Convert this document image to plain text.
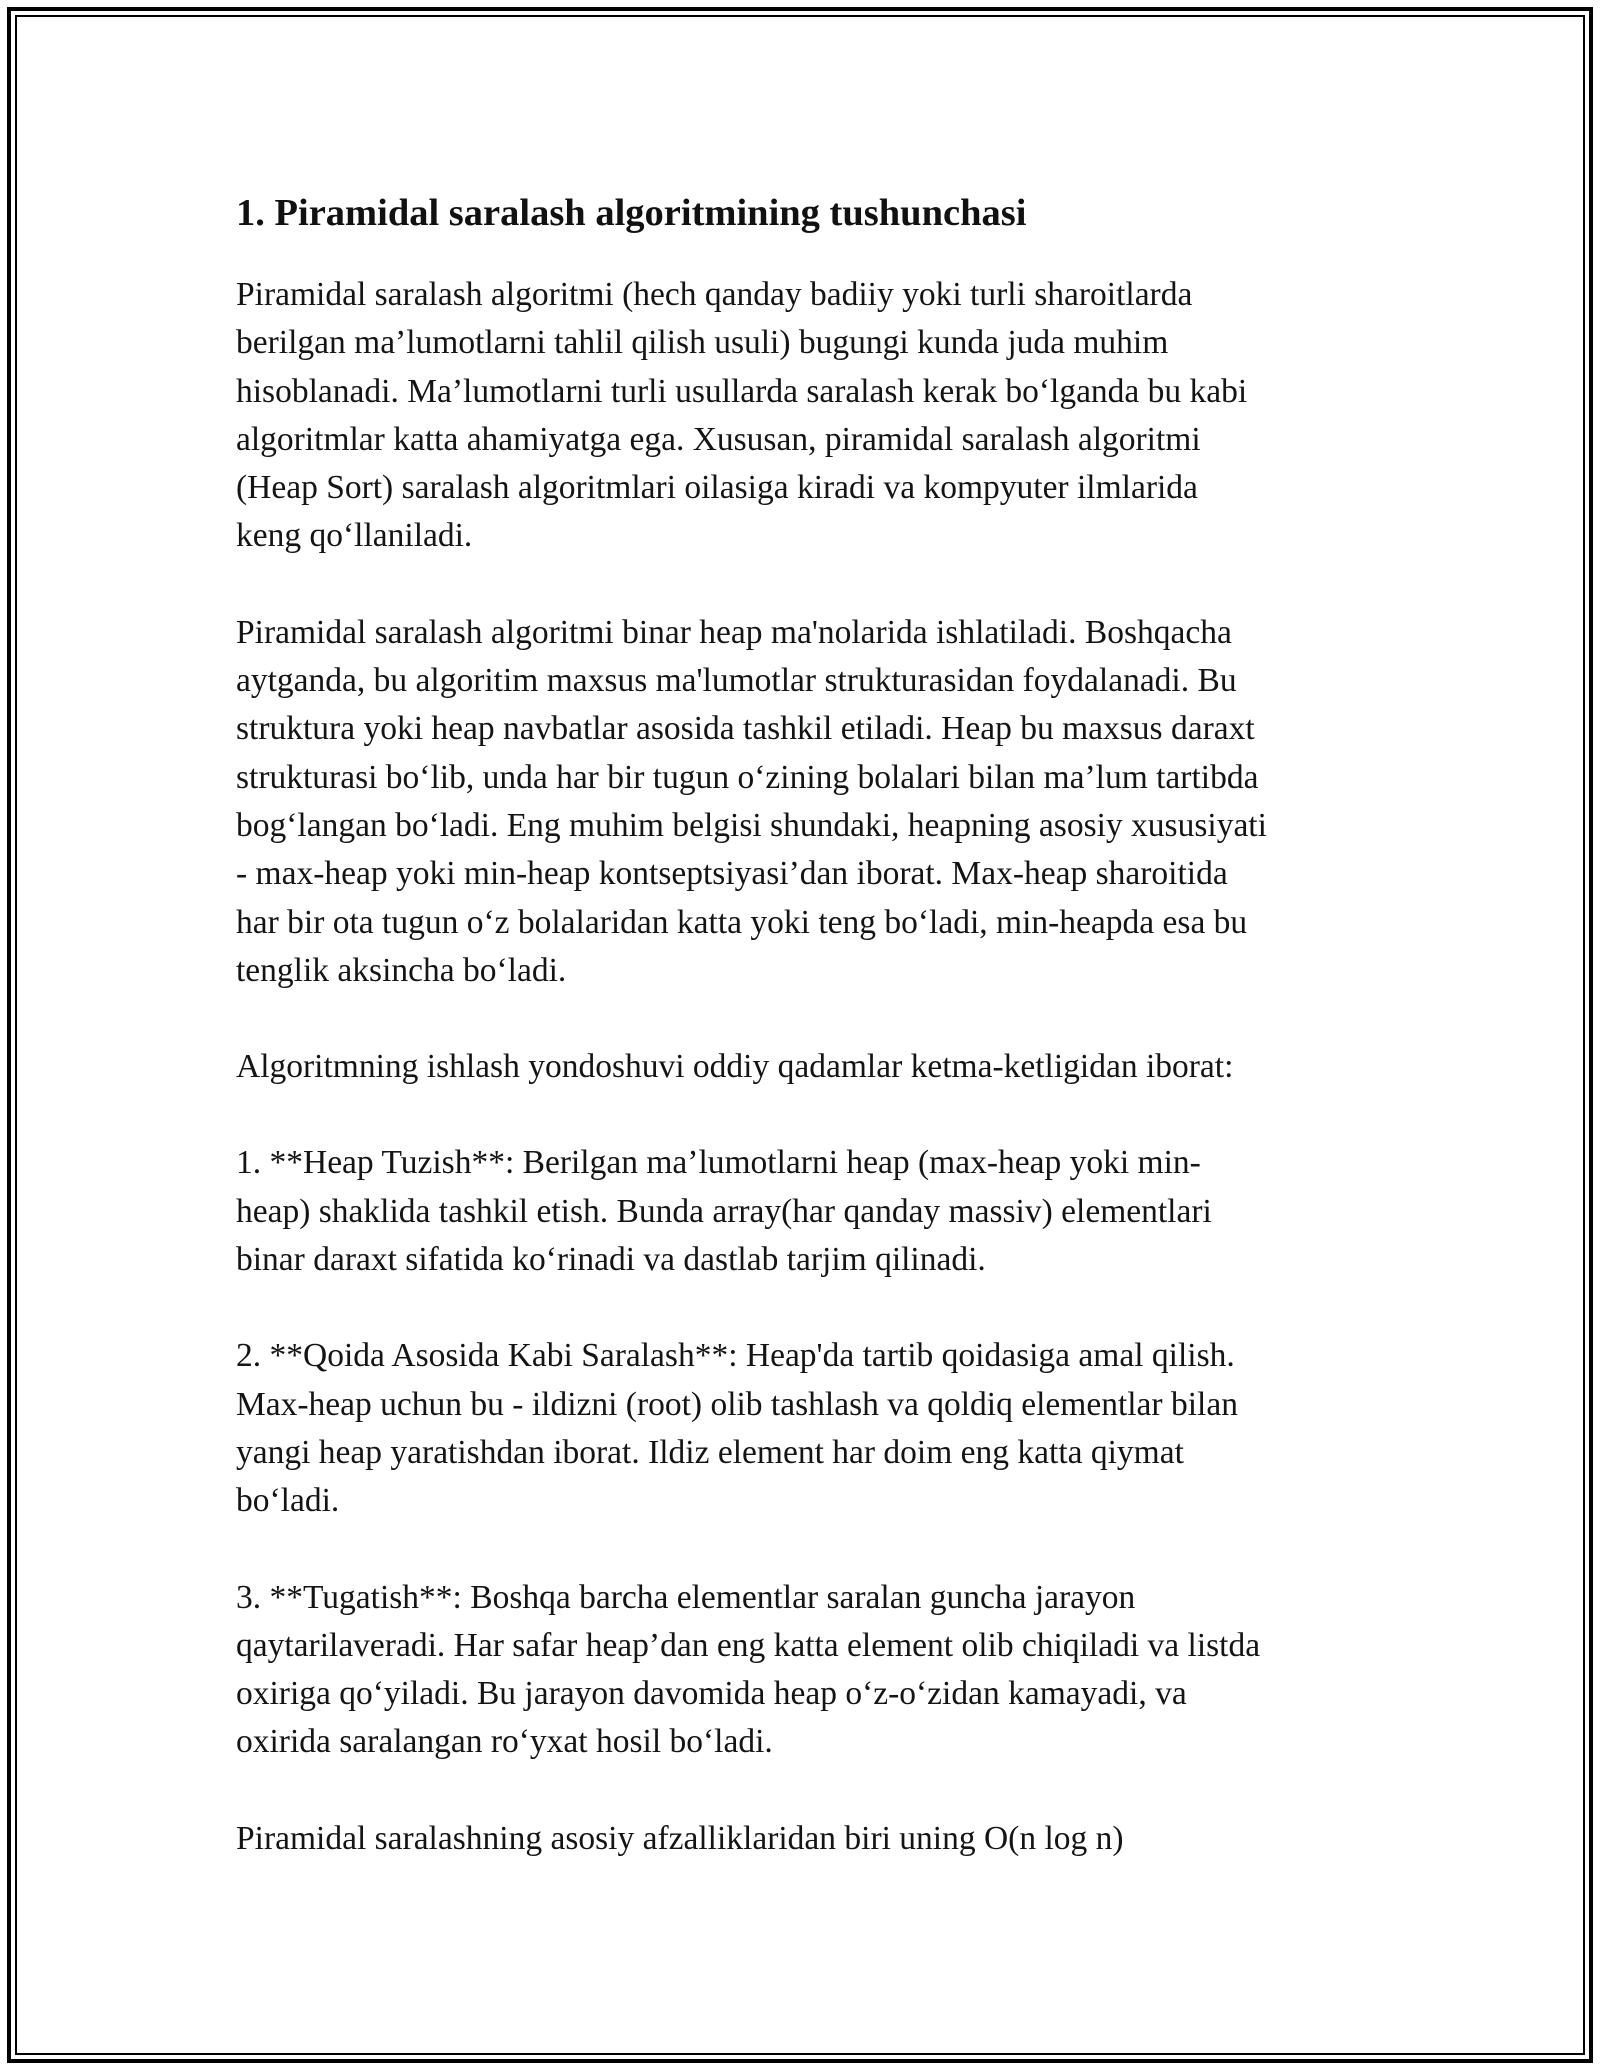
1. Piramidal saralash algoritmining tushunchasi

Piramidal saralash algoritmi (hech qanday badiiy yoki turli sharoitlarda
berilgan ma’lumotlarni tahlil qilish usuli) bugungi kunda juda muhim
hisoblanadi. Ma’lumotlarni turli usullarda saralash kerak bo‘lganda bu kabi
algoritmlar katta ahamiyatga ega. Xususan, piramidal saralash algoritmi
(Heap Sort) saralash algoritmlari oilasiga kiradi va kompyuter ilmlarida
keng qo‘llaniladi.

Piramidal saralash algoritmi binar heap ma'nolarida ishlatiladi. Boshqacha
aytganda, bu algoritim maxsus ma'lumotlar strukturasidan foydalanadi. Bu
struktura yoki heap navbatlar asosida tashkil etiladi. Heap bu maxsus daraxt
strukturasi bo‘lib, unda har bir tugun o‘zining bolalari bilan ma’lum tartibda
bog‘langan bo‘ladi. Eng muhim belgisi shundaki, heapning asosiy xususiyati
- max-heap yoki min-heap kontseptsiyasi’dan iborat. Max-heap sharoitida
har bir ota tugun o‘z bolalaridan katta yoki teng bo‘ladi, min-heapda esa bu
tenglik aksincha bo‘ladi.

Algoritmning ishlash yondoshuvi oddiy qadamlar ketma-ketligidan iborat:

1. **Heap Tuzish**: Berilgan ma’lumotlarni heap (max-heap yoki min-
heap) shaklida tashkil etish. Bunda array(har qanday massiv) elementlari
binar daraxt sifatida ko‘rinadi va dastlab tarjim qilinadi.

2. **Qoida Asosida Kabi Saralash**: Heap'da tartib qoidasiga amal qilish.
Max-heap uchun bu - ildizni (root) olib tashlash va qoldiq elementlar bilan
yangi heap yaratishdan iborat. Ildiz element har doim eng katta qiymat
bo‘ladi.

3. **Tugatish**: Boshqa barcha elementlar saralan guncha jarayon
qaytarilaveradi. Har safar heap’dan eng katta element olib chiqiladi va listda
oxiriga qo‘yiladi. Bu jarayon davomida heap o‘z-o‘zidan kamayadi, va
oxirida saralangan ro‘yxat hosil bo‘ladi.

Piramidal saralashning asosiy afzalliklaridan biri uning O(n log n)
